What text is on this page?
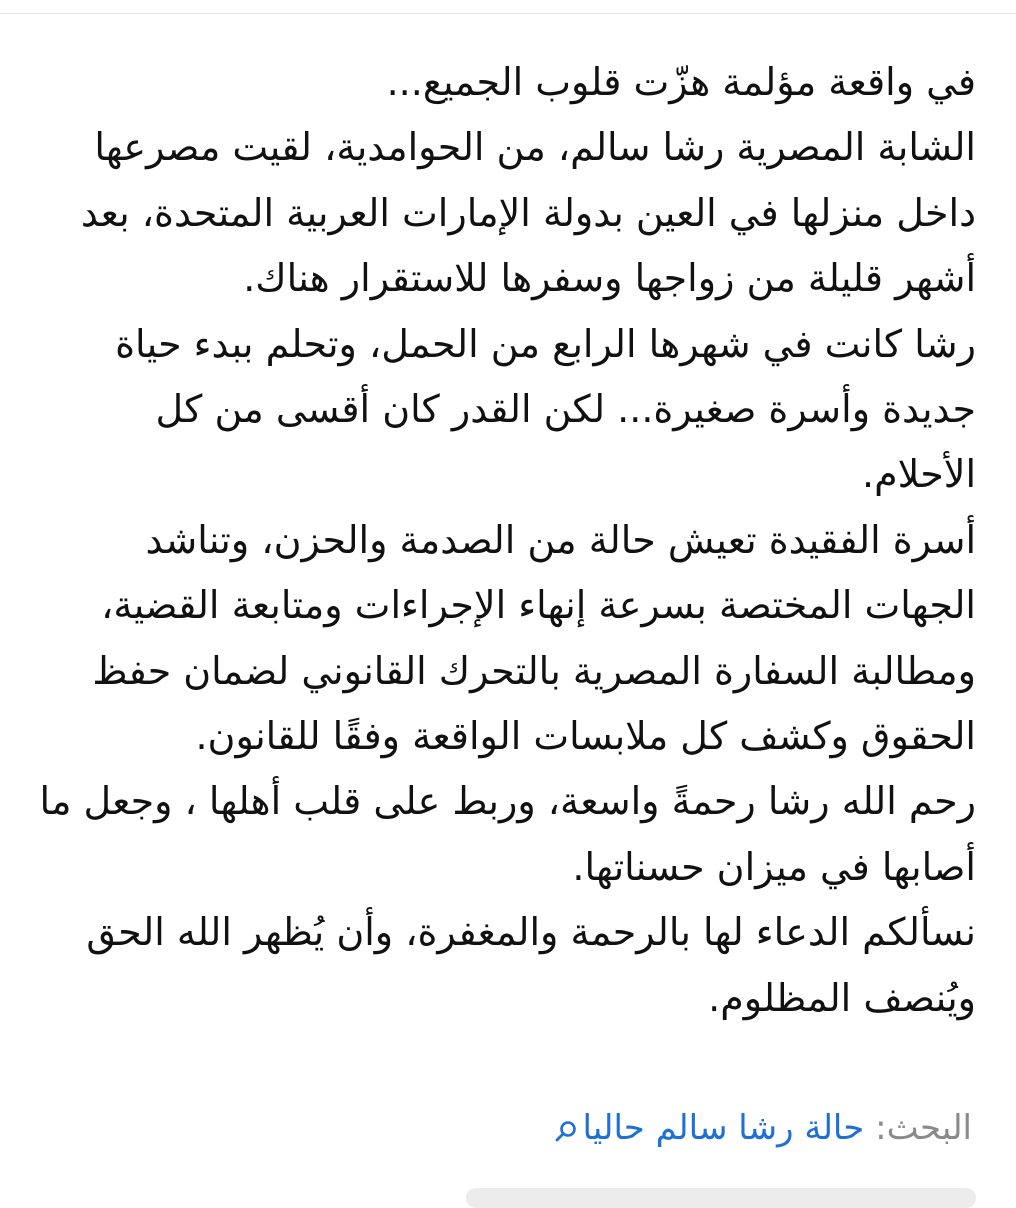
في واقعة مؤلمة هزّت قلوب الجميع...

الشابة المصرية رشا سالم، من الحوامدية، لقيت مصرعها داخل منزلها في العين بدولة الإمارات العربية المتحدة، بعد أشهر قليلة من زواجها وسفرها للاستقرار هناك.

رشا كانت في شهرها الرابع من الحمل، وتحلم ببدء حياة جديدة وأسرة صغيرة... لكن القدر كان أقسى من كل الأحلام.

أسرة الفقيدة تعيش حالة من الصدمة والحزن، وتناشد الجهات المختصة بسرعة إنهاء الإجراءات ومتابعة القضية، ومطالبة السفارة المصرية بالتحرك القانوني لضمان حفظ الحقوق وكشف كل ملابسات الواقعة وفقًا للقانون.

رحم الله رشا رحمةً واسعة، وربط على قلب أهلها ، وجعل ما أصابها في ميزان حسناتها.

نسألكم الدعاء لها بالرحمة والمغفرة، وأن يُظهر الله الحق ويُنصف المظلوم.

البحث: حالة رشا سالم حاليا
